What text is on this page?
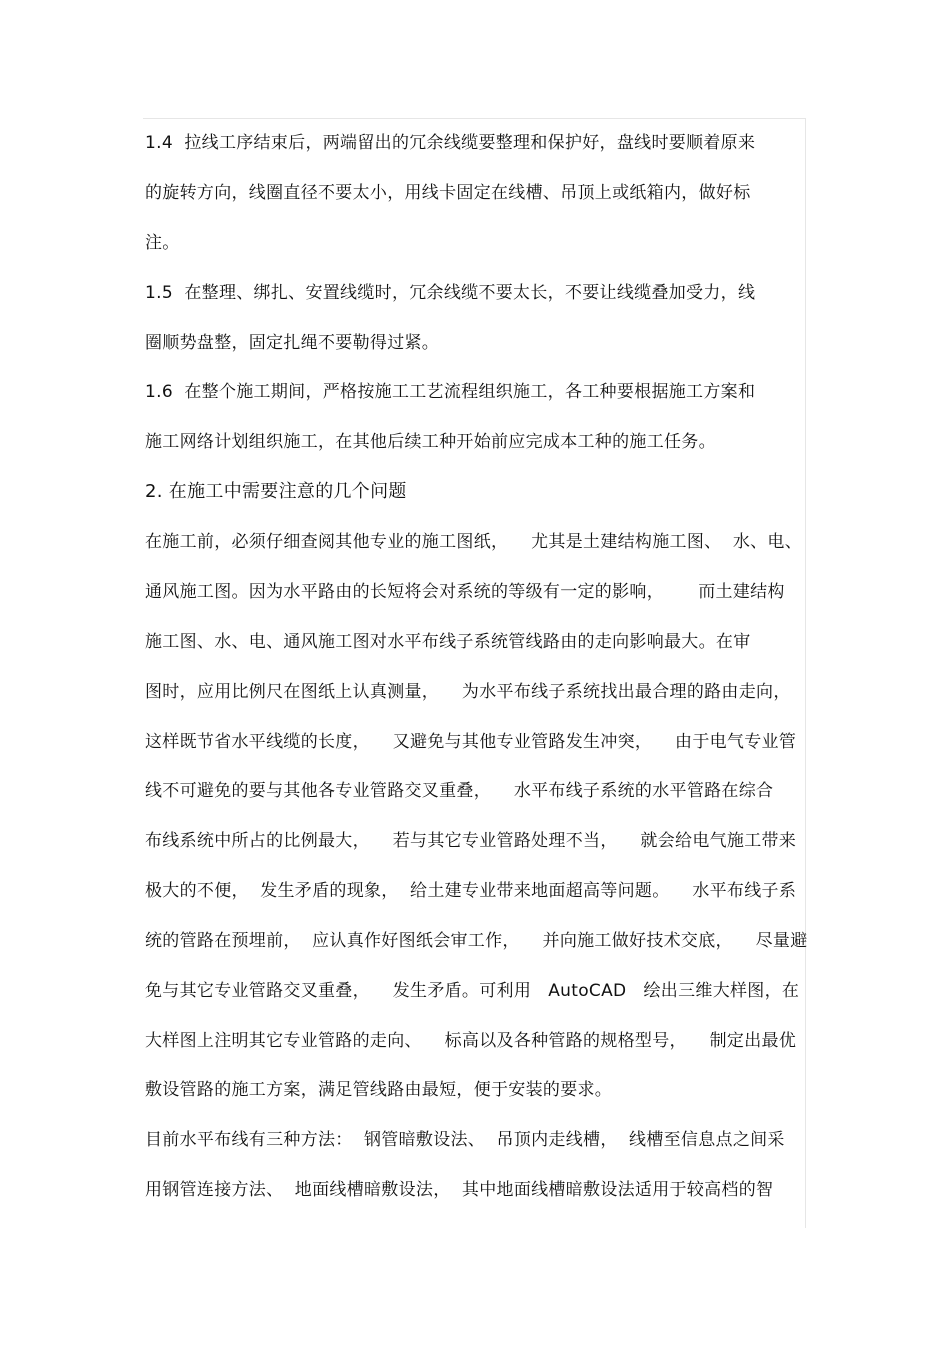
1.4  拉线工序结束后，两端留出的冗余线缆要整理和保护好，盘线时要顺着原来
的旋转方向，线圈直径不要太小，用线卡固定在线槽、吊顶上或纸箱内，做好标
注。
1.5  在整理、绑扎、安置线缆时，冗余线缆不要太长，不要让线缆叠加受力，线
圈顺势盘整，固定扎绳不要勒得过紧。
1.6  在整个施工期间，严格按施工工艺流程组织施工，各工种要根据施工方案和
施工网络计划组织施工，在其他后续工种开始前应完成本工种的施工任务。
2. 在施工中需要注意的几个问题
在施工前，必须仔细查阅其他专业的施工图纸，    尤其是土建结构施工图、  水、电、
通风施工图。因为水平路由的长短将会对系统的等级有一定的影响，      而土建结构
施工图、水、电、通风施工图对水平布线子系统管线路由的走向影响最大。在审
图时，应用比例尺在图纸上认真测量，    为水平布线子系统找出最合理的路由走向，
这样既节省水平线缆的长度，    又避免与其他专业管路发生冲突，    由于电气专业管
线不可避免的要与其他各专业管路交叉重叠，    水平布线子系统的水平管路在综合
布线系统中所占的比例最大，    若与其它专业管路处理不当，    就会给电气施工带来
极大的不便，  发生矛盾的现象，  给土建专业带来地面超高等问题。    水平布线子系
统的管路在预埋前，  应认真作好图纸会审工作，    并向施工做好技术交底，    尽量避
免与其它专业管路交叉重叠，    发生矛盾。可利用   AutoCAD   绘出三维大样图，在
大样图上注明其它专业管路的走向、    标高以及各种管路的规格型号，    制定出最优
敷设管路的施工方案，满足管线路由最短，便于安装的要求。
目前水平布线有三种方法：  钢管暗敷设法、  吊顶内走线槽，  线槽至信息点之间采
用钢管连接方法、  地面线槽暗敷设法，  其中地面线槽暗敷设法适用于较高档的智
